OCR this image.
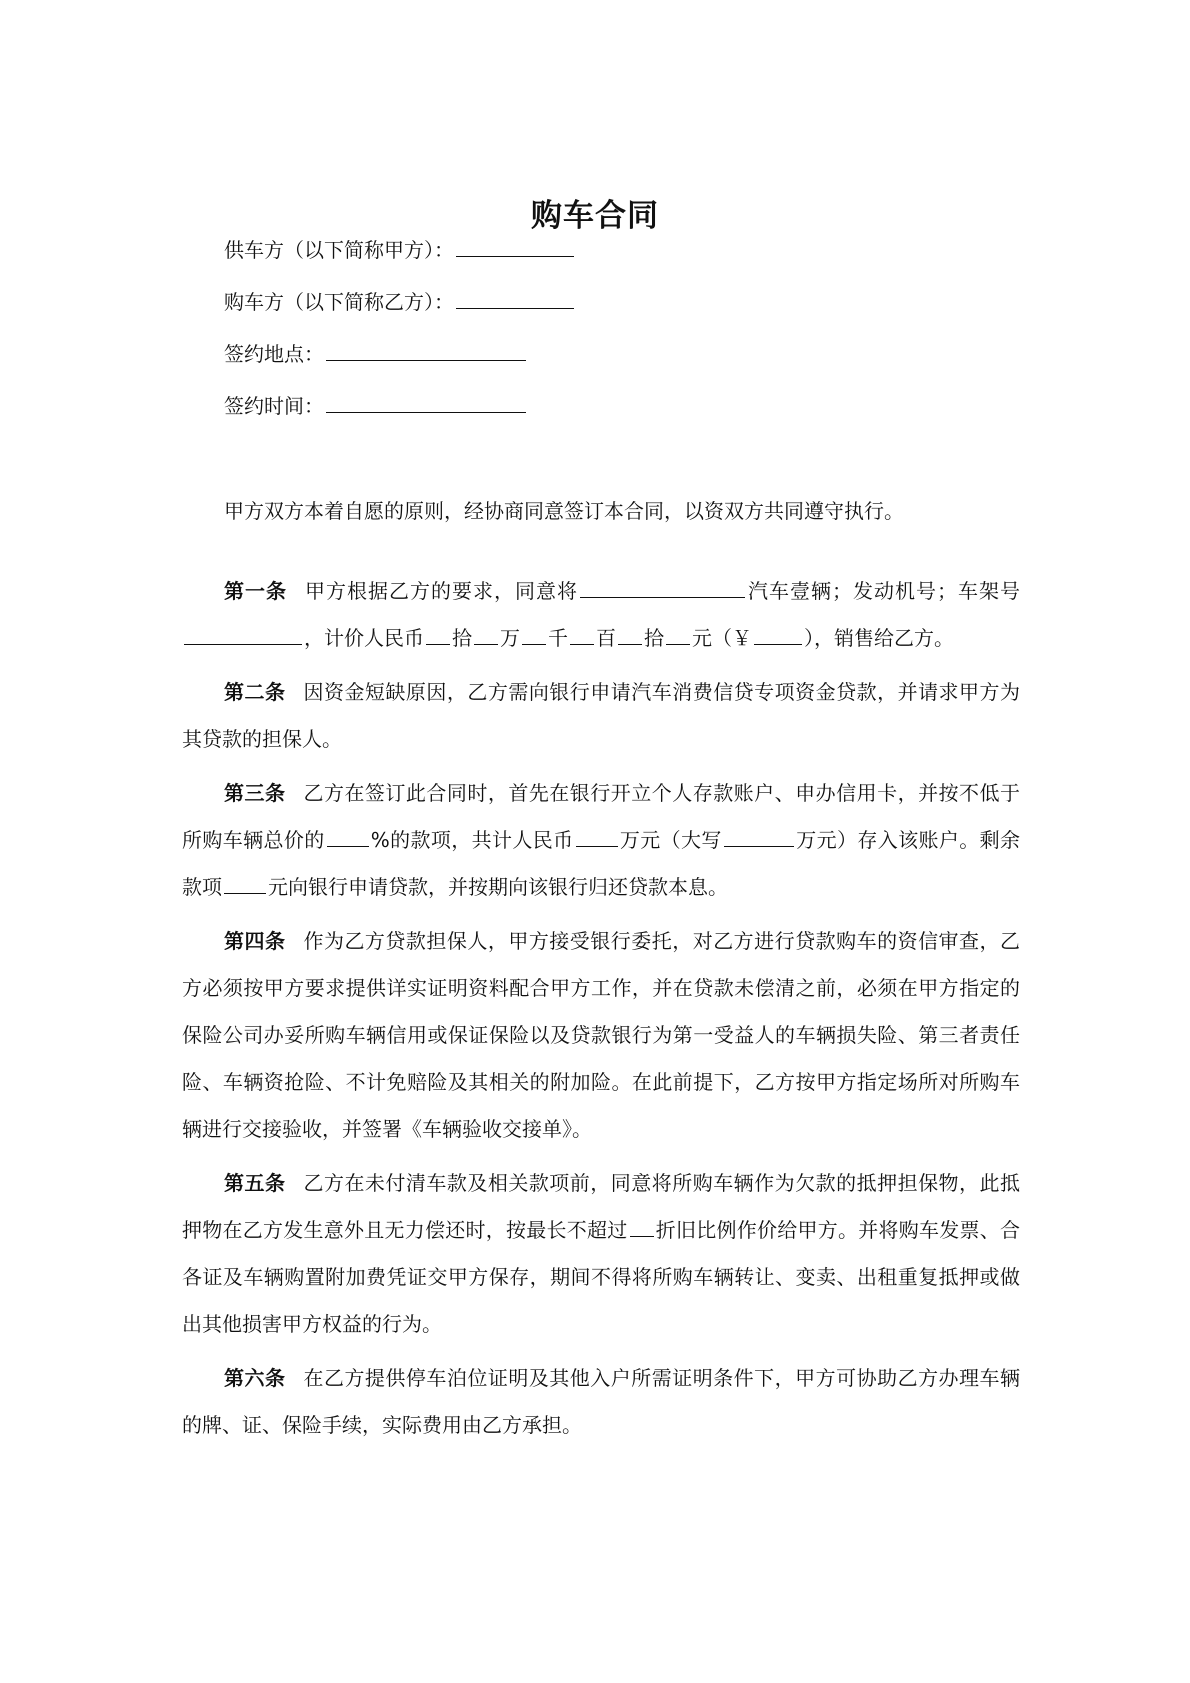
购车合同
供车方（以下简称甲方）：
购车方（以下简称乙方）：
签约地点：
签约时间：
甲方双方本着自愿的原则，经协商同意签订本合同，以资双方共同遵守执行。

第一条 甲方根据乙方的要求，同意将	汽车壹辆；发动机号；车架号，计价人民币 拾 万 千 百 拾 元（￥	），销售给乙方。

第二条 因资金短缺原因，乙方需向银行申请汽车消费信贷专项资金贷款，并请求甲方为其贷款的担保人。

第三条 乙方在签订此合同时，首先在银行开立个人存款账户、申办信用卡，并按不低于所购车辆总价的 %的款项，共计人民币 万元（大写	万元）存入该账户。剩余款项 元向银行申请贷款，并按期向该银行归还贷款本息。

第四条 作为乙方贷款担保人，甲方接受银行委托，对乙方进行贷款购车的资信审查，乙方必须按甲方要求提供详实证明资料配合甲方工作，并在贷款未偿清之前，必须在甲方指定的保险公司办妥所购车辆信用或保证保险以及贷款银行为第一受益人的车辆损失险、第三者责任险、车辆资抢险、不计免赔险及其相关的附加险。在此前提下，乙方按甲方指定场所对所购车辆进行交接验收，并签署《车辆验收交接单》。

第五条 乙方在未付清车款及相关款项前，同意将所购车辆作为欠款的抵押担保物，此抵押物在乙方发生意外且无力偿还时，按最长不超过 折旧比例作价给甲方。并将购车发票、合各证及车辆购置附加费凭证交甲方保存，期间不得将所购车辆转让、变卖、出租重复抵押或做出其他损害甲方权益的行为。

第六条 在乙方提供停车泊位证明及其他入户所需证明条件下，甲方可协助乙方办理车辆的牌、证、保险手续，实际费用由乙方承担。
